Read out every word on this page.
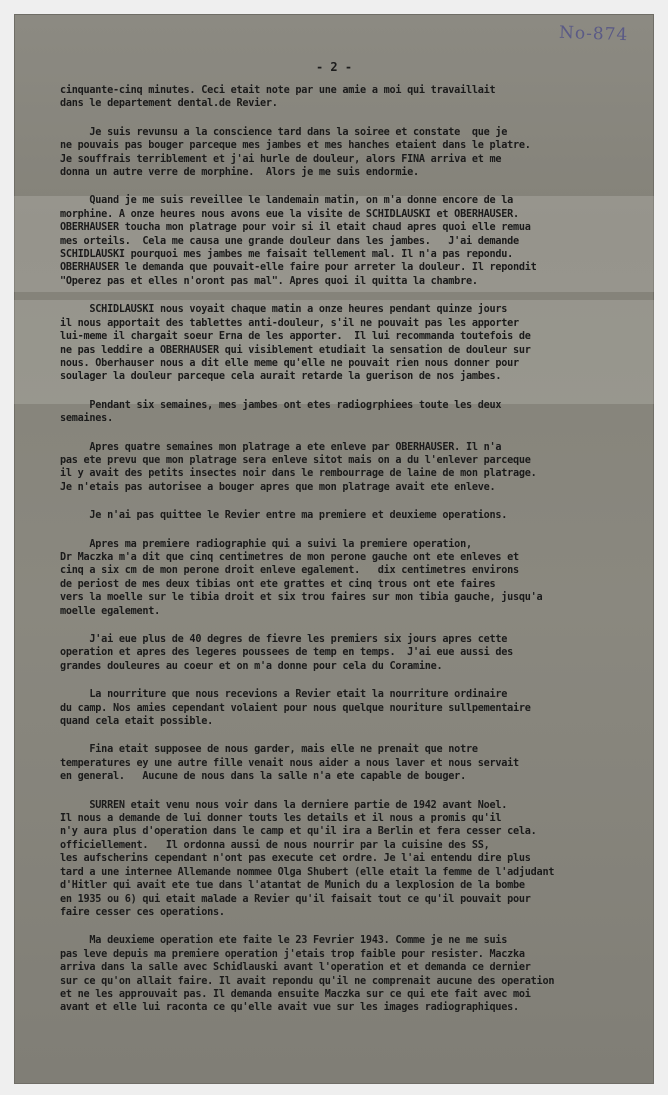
No-874
- 2 -
cinquante-cinq minutes. Ceci etait note par une amie a moi qui travaillait
dans le departement dental.de Revier.
Je suis revunsu a la conscience tard dans la soiree et constate  que je
ne pouvais pas bouger parceque mes jambes et mes hanches etaient dans le platre.
Je souffrais terriblement et j'ai hurle de douleur, alors FINA arriva et me
donna un autre verre de morphine.  Alors je me suis endormie.
Quand je me suis reveillee le landemain matin, on m'a donne encore de la
morphine. A onze heures nous avons eue la visite de SCHIDLAUSKI et OBERHAUSER.
OBERHAUSER toucha mon platrage pour voir si il etait chaud apres quoi elle remua
mes orteils.  Cela me causa une grande douleur dans les jambes.   J'ai demande
SCHIDLAUSKI pourquoi mes jambes me faisait tellement mal. Il n'a pas repondu.
OBERHAUSER le demanda que pouvait-elle faire pour arreter la douleur. Il repondit
"Operez pas et elles n'oront pas mal". Apres quoi il quitta la chambre.
SCHIDLAUSKI nous voyait chaque matin a onze heures pendant quinze jours
il nous apportait des tablettes anti-douleur, s'il ne pouvait pas les apporter
lui-meme il chargait soeur Erna de les apporter.  Il lui recommanda toutefois de
ne pas leddire a OBERHAUSER qui visiblement etudiait la sensation de douleur sur
nous. Oberhauser nous a dit elle meme qu'elle ne pouvait rien nous donner pour
soulager la douleur parceque cela aurait retarde la guerison de nos jambes.
Pendant six semaines, mes jambes ont etes radiogrphiees toute les deux
semaines.
Apres quatre semaines mon platrage a ete enleve par OBERHAUSER. Il n'a
pas ete prevu que mon platrage sera enleve sitot mais on a du l'enlever parceque
il y avait des petits insectes noir dans le rembourrage de laine de mon platrage.
Je n'etais pas autorisee a bouger apres que mon platrage avait ete enleve.
Je n'ai pas quittee le Revier entre ma premiere et deuxieme operations.
Apres ma premiere radiographie qui a suivi la premiere operation,
Dr Maczka m'a dit que cinq centimetres de mon perone gauche ont ete enleves et
cinq a six cm de mon perone droit enleve egalement.   dix centimetres environs
de periost de mes deux tibias ont ete grattes et cinq trous ont ete faires
vers la moelle sur le tibia droit et six trou faires sur mon tibia gauche, jusqu'a
moelle egalement.
J'ai eue plus de 40 degres de fievre les premiers six jours apres cette
operation et apres des legeres poussees de temp en temps.  J'ai eue aussi des
grandes douleures au coeur et on m'a donne pour cela du Coramine.
La nourriture que nous recevions a Revier etait la nourriture ordinaire
du camp. Nos amies cependant volaient pour nous quelque nouriture sullpementaire
quand cela etait possible.
Fina etait supposee de nous garder, mais elle ne prenait que notre
temperatures ey une autre fille venait nous aider a nous laver et nous servait
en general.   Aucune de nous dans la salle n'a ete capable de bouger.
SURREN etait venu nous voir dans la derniere partie de 1942 avant Noel.
Il nous a demande de lui donner touts les details et il nous a promis qu'il
n'y aura plus d'operation dans le camp et qu'il ira a Berlin et fera cesser cela.
officiellement.   Il ordonna aussi de nous nourrir par la cuisine des SS,
les aufscherins cependant n'ont pas execute cet ordre. Je l'ai entendu dire plus
tard a une internee Allemande nommee Olga Shubert (elle etait la femme de l'adjudant
d'Hitler qui avait ete tue dans l'atantat de Munich du a lexplosion de la bombe
en 1935 ou 6) qui etait malade a Revier qu'il faisait tout ce qu'il pouvait pour
faire cesser ces operations.
Ma deuxieme operation ete faite le 23 Fevrier 1943. Comme je ne me suis
pas leve depuis ma premiere operation j'etais trop faible pour resister. Maczka
arriva dans la salle avec Schidlauski avant l'operation et et demanda ce dernier
sur ce qu'on allait faire. Il avait repondu qu'il ne comprenait aucune des operation
et ne les approuvait pas. Il demanda ensuite Maczka sur ce qui ete fait avec moi
avant et elle lui raconta ce qu'elle avait vue sur les images radiographiques.
